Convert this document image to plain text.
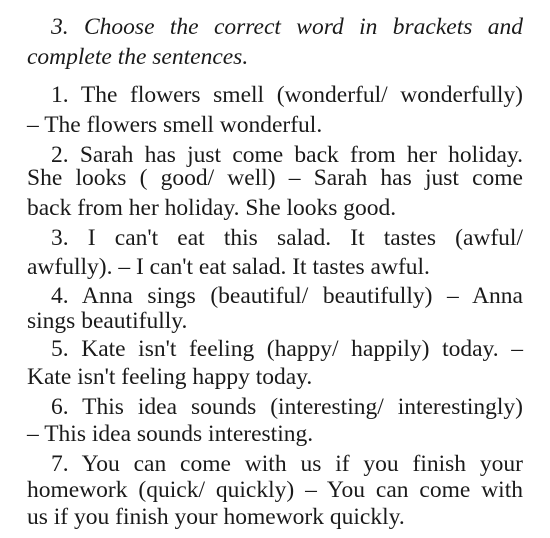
3. Choose the correct word in brackets and
complete the sentences.
1. The flowers smell (wonderful/ wonderfully)
– The flowers smell wonderful.
2. Sarah has just come back from her holiday.
She looks ( good/ well) – Sarah has just come
back from her holiday. She looks good.
3. I can't eat this salad. It tastes (awful/
awfully). – I can't eat salad. It tastes awful.
4. Anna sings (beautiful/ beautifully) – Anna
sings beautifully.
5. Kate isn't feeling (happy/ happily) today. –
Kate isn't feeling happy today.
6. This idea sounds (interesting/ interestingly)
– This idea sounds interesting.
7. You can come with us if you finish your
homework (quick/ quickly) – You can come with
us if you finish your homework quickly.
